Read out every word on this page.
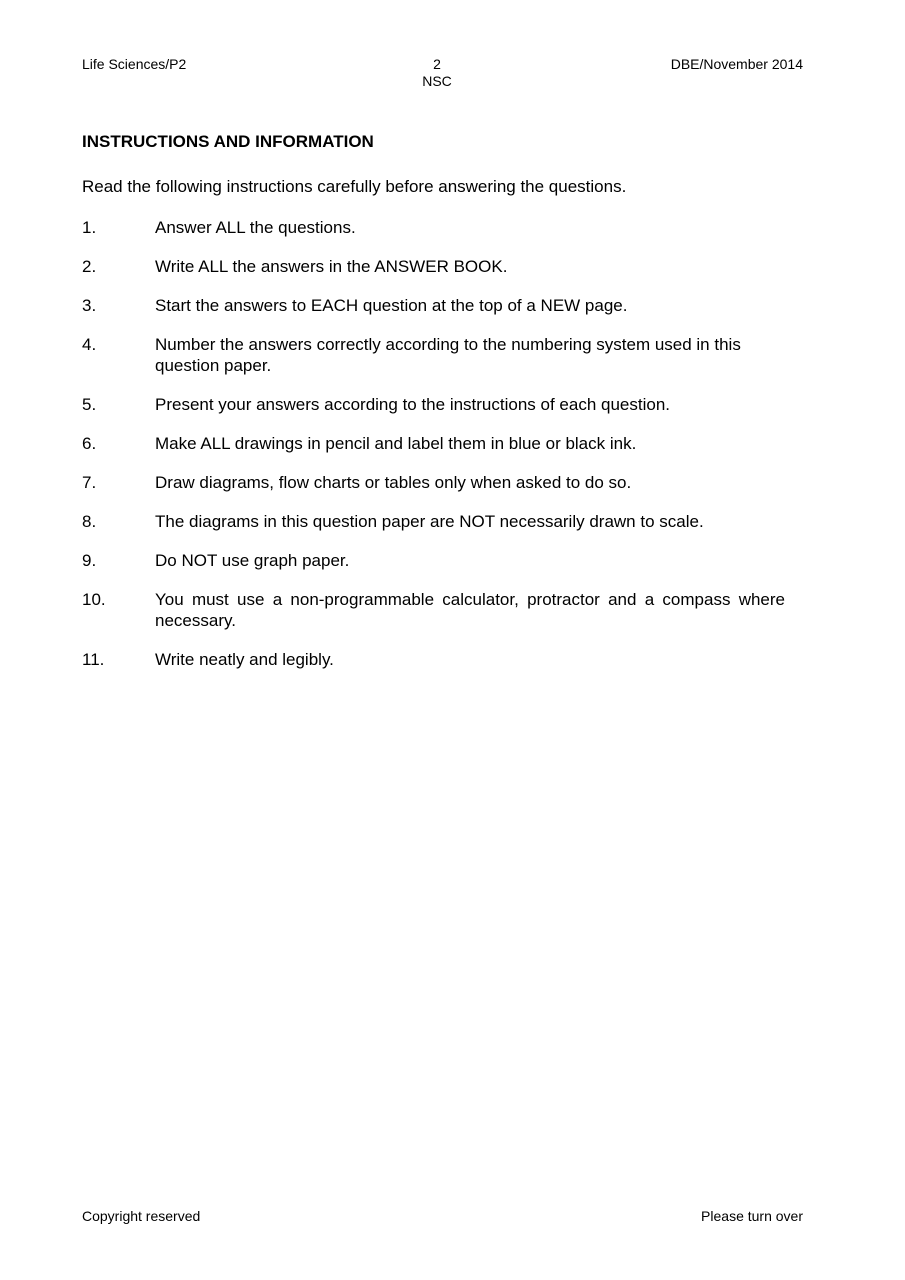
Life Sciences/P2	2
NSC
DBE/November 2014
INSTRUCTIONS AND INFORMATION
Read the following instructions carefully before answering the questions.
1.	Answer ALL the questions.
2.	Write ALL the answers in the ANSWER BOOK.
3.	Start the answers to EACH question at the top of a NEW page.
4.	Number the answers correctly according to the numbering system used in this question paper.
5.	Present your answers according to the instructions of each question.
6.	Make ALL drawings in pencil and label them in blue or black ink.
7.	Draw diagrams, flow charts or tables only when asked to do so.
8.	The diagrams in this question paper are NOT necessarily drawn to scale.
9.	Do NOT use graph paper.
10.	You must use a non-programmable calculator, protractor and a compass where necessary.
11.	Write neatly and legibly.
Copyright reserved	Please turn over
